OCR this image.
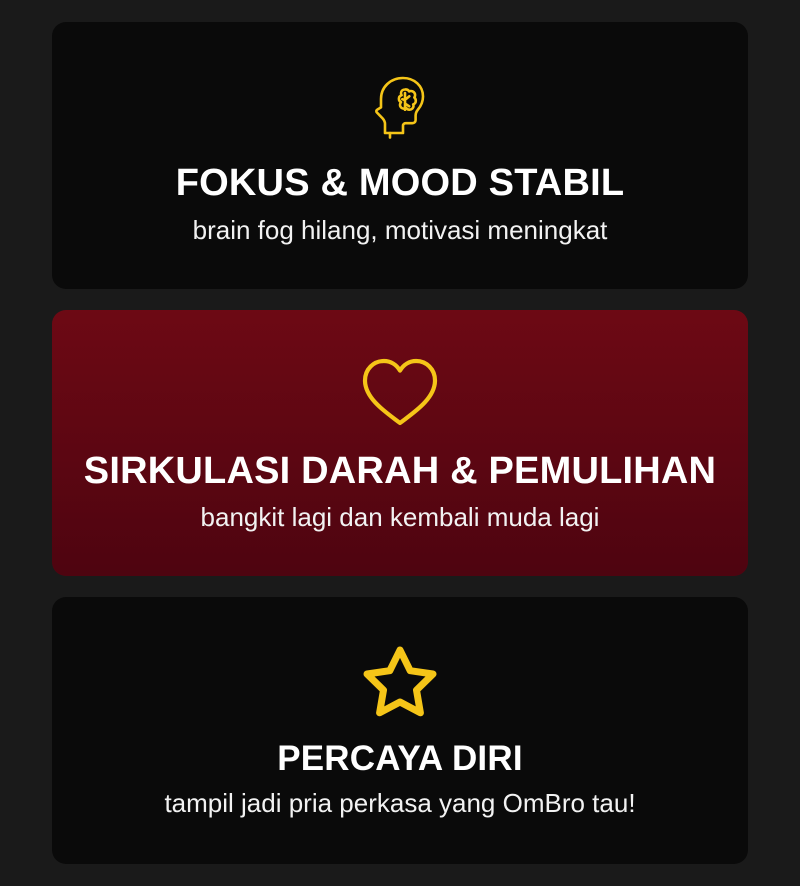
FOKUS & MOOD STABIL
brain fog hilang, motivasi meningkat
SIRKULASI DARAH & PEMULIHAN
bangkit lagi dan kembali muda lagi
PERCAYA DIRI
tampil jadi pria perkasa yang OmBro tau!
